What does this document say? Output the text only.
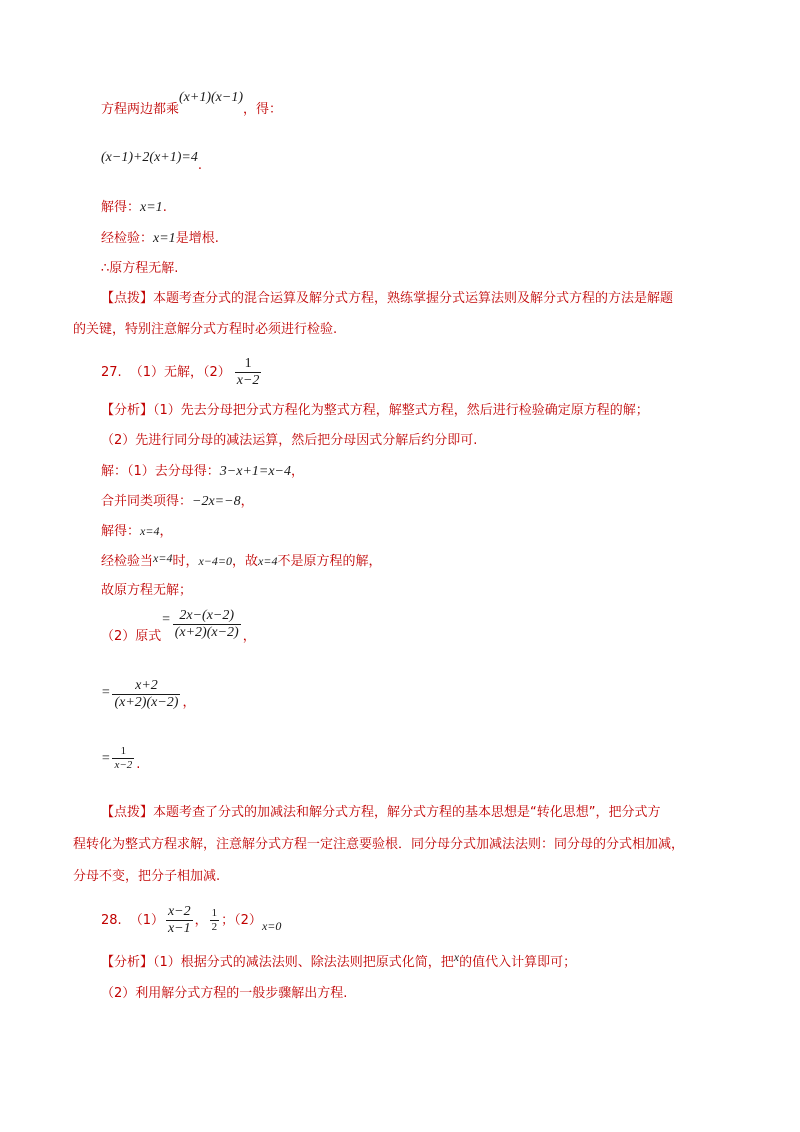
方程两边都乘(x+1)(x−1)，得：
(x−1)+2(x+1)=4.
解得：x=1.
经检验：x=1是增根.
∴原方程无解.
【点拨】本题考查分式的混合运算及解分式方程，熟练掌握分式运算法则及解分式方程的方法是解题
的关键，特别注意解分式方程时必须进行检验.
27. （1）无解，$(2) \frac{1}{x-2}$
【分析】（1）先去分母把分式方程化为整式方程，解整式方程，然后进行检验确定原方程的解；
（2）先进行同分母的减法运算，然后把分母因式分解后约分即可.
解：（1）去分母得：3−x+1=x−4，
合并同类项得：−2x=−8，
解得：x=4，
经检验当x=4时，x−4=0，故x=4不是原方程的解，
故原方程无解；
（2）原式= $\frac{2x-(x-2)}{(x+2)(x-2)}$ ，
= $\frac{x+2}{(x+2)(x-2)}$ ，
= $\frac{1}{x-2}$ .
【点拨】本题考查了分式的加减法和解分式方程，解分式方程的基本思想是“转化思想”，把分式方
程转化为整式方程求解，注意解分式方程一定注意要验根．同分母分式加减法法则：同分母的分式相加减，
分母不变，把分子相加减.
28. $(1) \frac{x-2}{x-1}$ ， $\frac{1}{2}$ ；（2）x=0
【分析】（1）根据分式的减法法则、除法法则把原式化简，把x的值代入计算即可；
（2）利用解分式方程的一般步骤解出方程.
